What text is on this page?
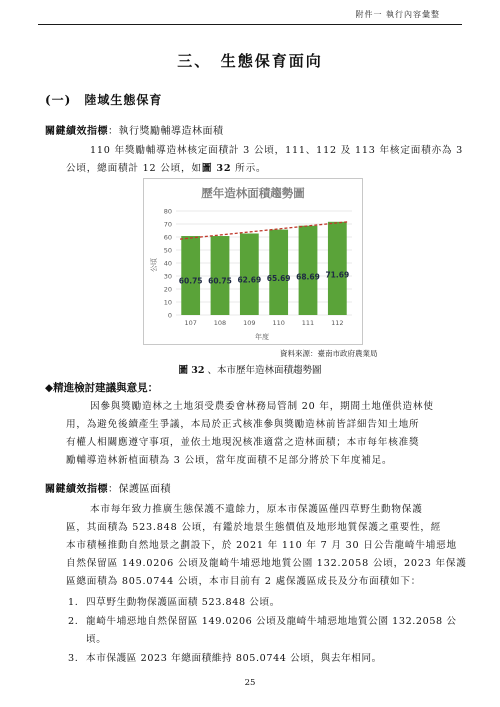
附件一 執行內容彙整
三、　生態保育面向
(一)　陸域生態保育
關鍵績效指標：執行獎勵輔導造林面積
110 年獎勵輔導造林核定面積計 3 公頃，111、112 及 113 年核定面積亦為 3
公頃，總面積計 12 公頃，如圖 32 所示。
歷年造林面積趨勢圖
60.75 60.75 62.69 65.69 68.69 71.69
107	108	109	110	111	112
0
10
20
30
40
50
60
70
80
公頃
年度
資料來源：臺南市政府農業局
圖 32 、本市歷年造林面積趨勢圖
◆精進檢討建議與意見：
因參與獎勵造林之土地須受農委會林務局管制 20 年，期間土地僅供造林使
用，為避免後續產生爭議，本局於正式核准參與獎勵造林前皆詳細告知土地所
有權人相關應遵守事項，並依土地現況核准適當之造林面積；本市每年核准獎
勵輔導造林新植面積為 3 公頃，當年度面積不足部分將於下年度補足。
關鍵績效指標：保護區面積
本市每年致力推廣生態保護不遺餘力，原本市保護區僅四草野生動物保護
區，其面積為 523.848 公頃，有鑑於地景生態價值及地形地質保護之重要性，經
本市積極推動自然地景之劃設下，於 2021 年 110 年 7 月 30 日公告龍崎牛埔惡地
自然保留區 149.0206 公頃及龍崎牛埔惡地地質公園 132.2058 公頃，2023 年保護
區總面積為 805.0744 公頃，本市目前有 2 處保護區成長及分布面積如下：
1. 四草野生動物保護區面積 523.848 公頃。
2. 龍崎牛埔惡地自然保留區 149.0206 公頃及龍崎牛埔惡地地質公園 132.2058 公
頃。
3. 本市保護區 2023 年總面積維持 805.0744 公頃，與去年相同。
25
